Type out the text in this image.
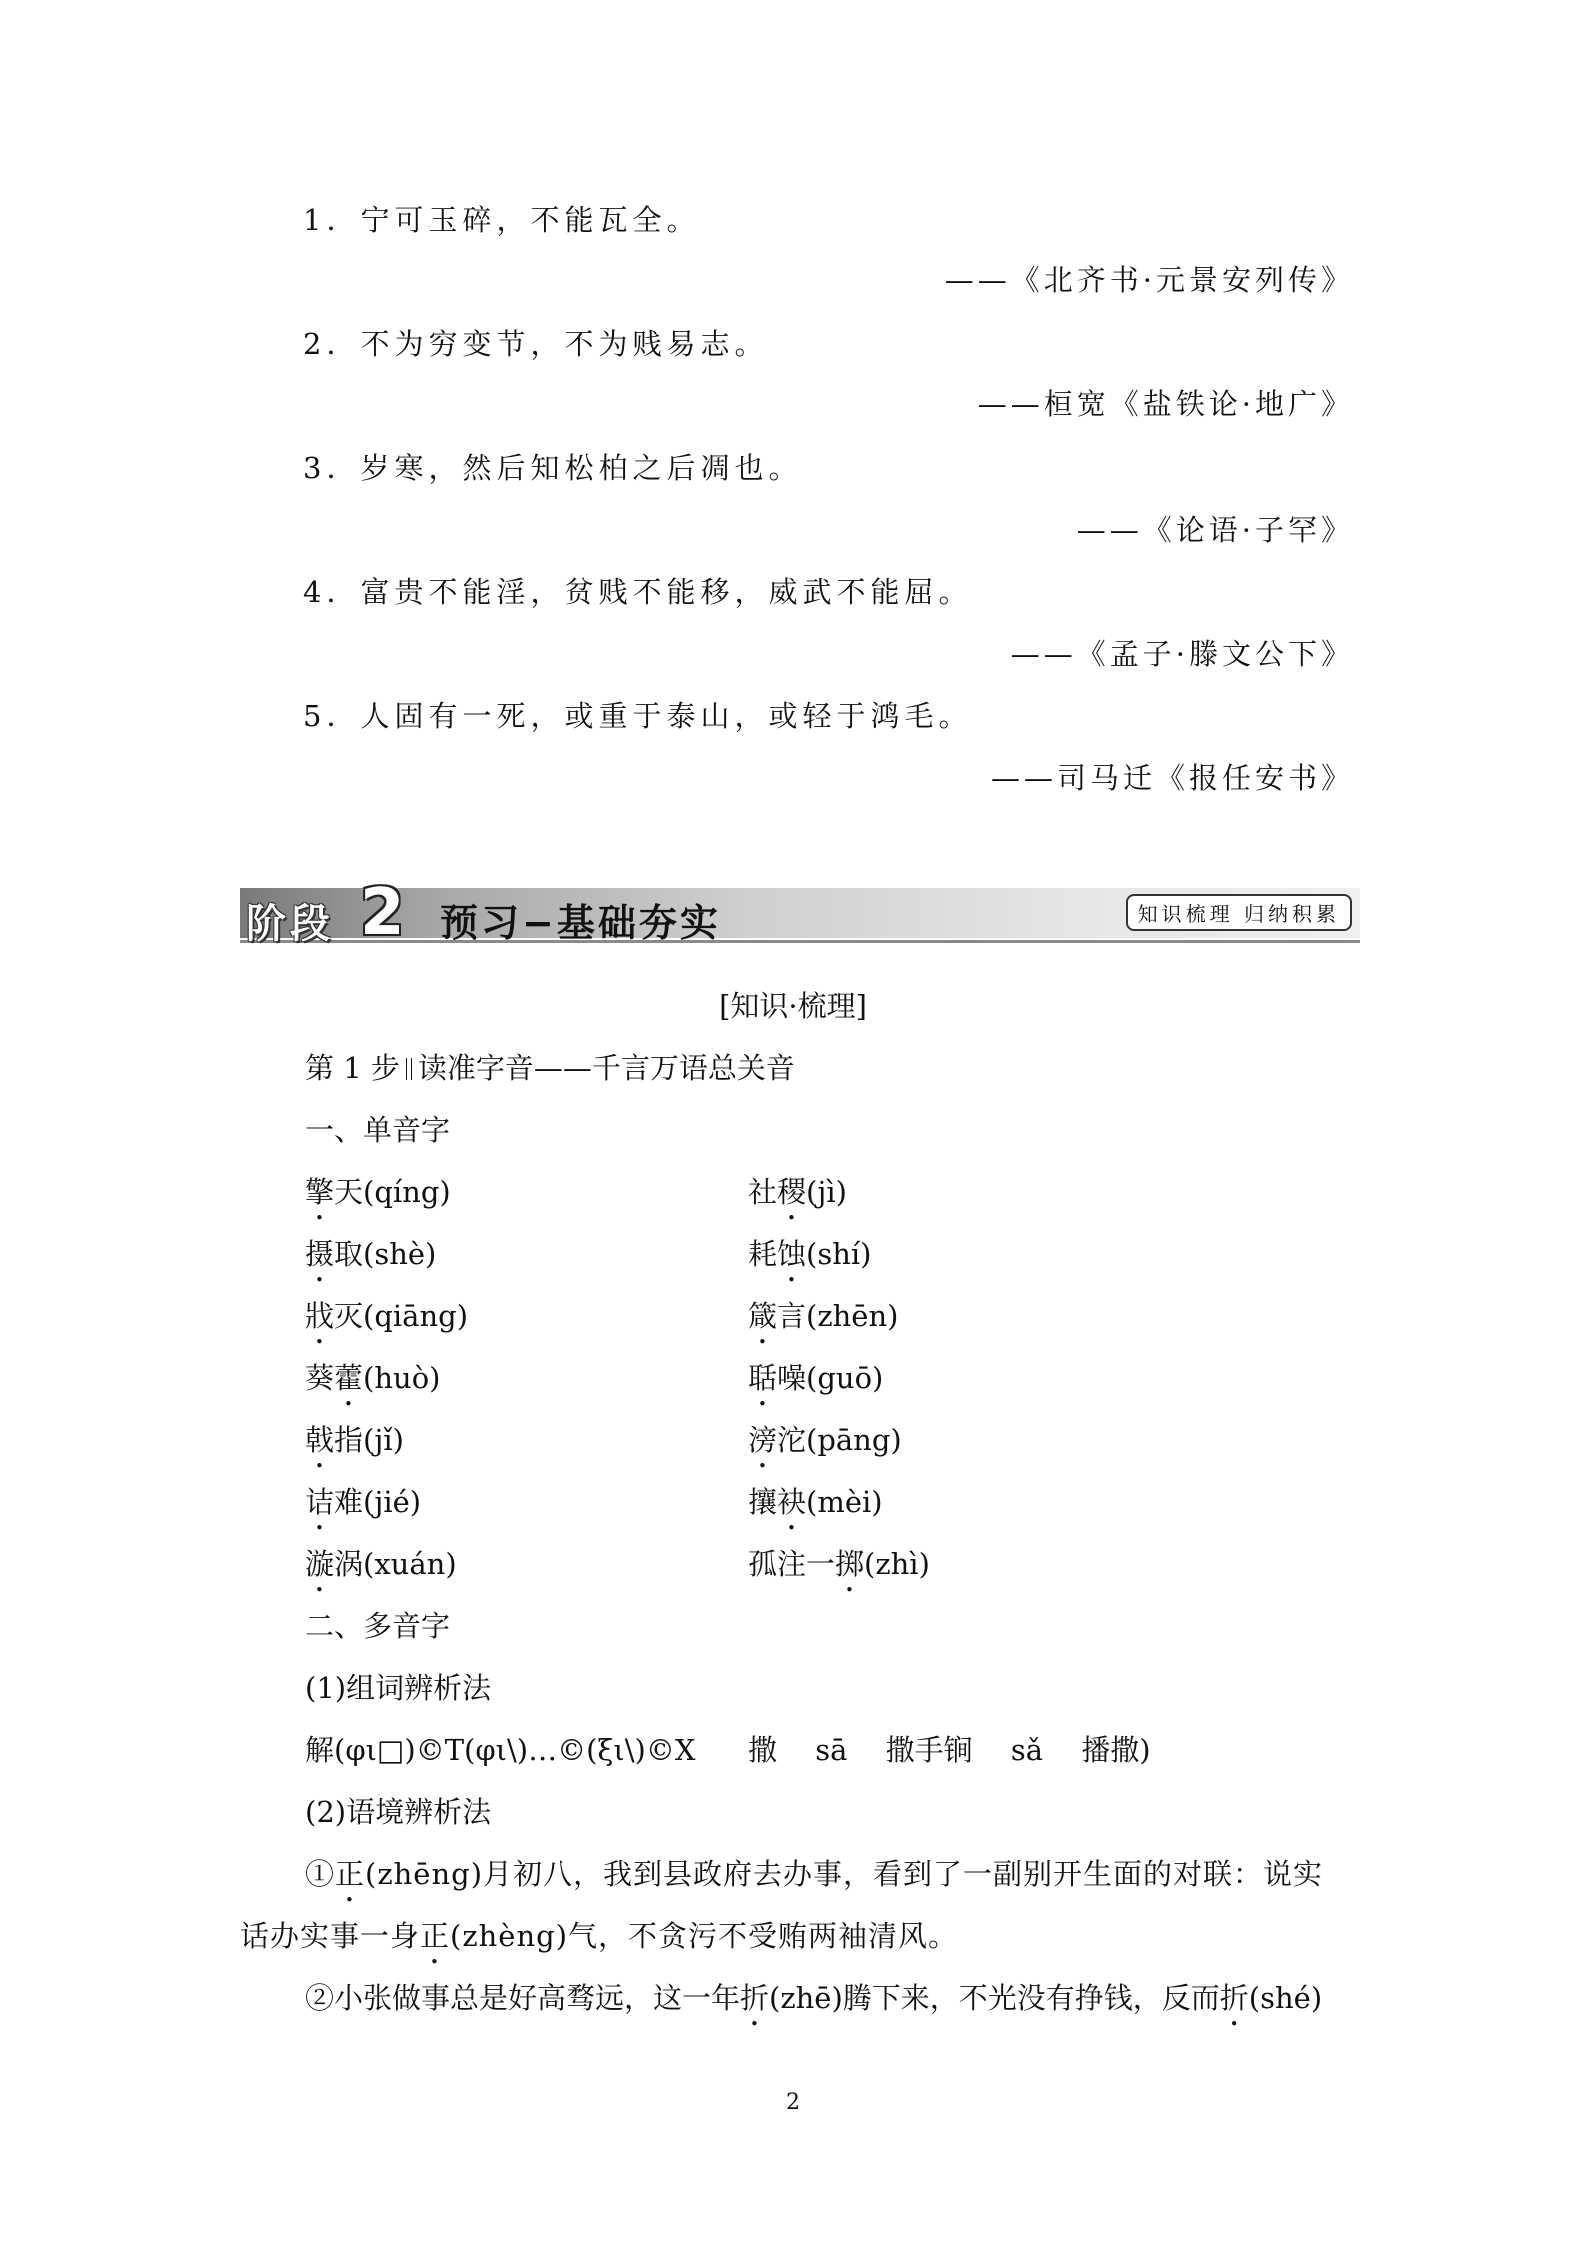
1．宁可玉碎，不能瓦全。
——《北齐书·元景安列传》
2．不为穷变节，不为贱易志。
——桓宽《盐铁论·地广》
3．岁寒，然后知松柏之后凋也。
——《论语·子罕》
4．富贵不能淫，贫贱不能移，威武不能屈。
——《孟子·滕文公下》
5．人固有一死，或重于泰山，或轻于鸿毛。
——司马迁《报任安书》
阶段 2 预习−基础夯实	知识梳理 归纳积累
[知识·梳理]
第 1 步 读准字音——千言万语总关音
一、单音字
擎天(qíng)
摄取(shè)
戕灭(qiāng)
葵藿(huò)
戟指(jǐ)
诘难(jié)
漩涡(xuán)
社稷(jì)
耗蚀(shí)
箴言(zhēn)
聒噪(guō)
滂沱(pāng)
攘袂(mèi)
孤注一掷(zhì)
二、多音字
(1)组词辨析法
解(φι□)©T(φι\)…©(ξι\)©X 撒　 sā　 撒手锏　 sǎ　 播撒)
(2)语境辨析法
①正(zhēng)月初八，我到县政府去办事，看到了一副别开生面的对联：说实
话办实事一身正(zhèng)气，不贪污不受贿两袖清风。
②小张做事总是好高骛远，这一年折(zhē)腾下来，不光没有挣钱，反而折(shé)
2
